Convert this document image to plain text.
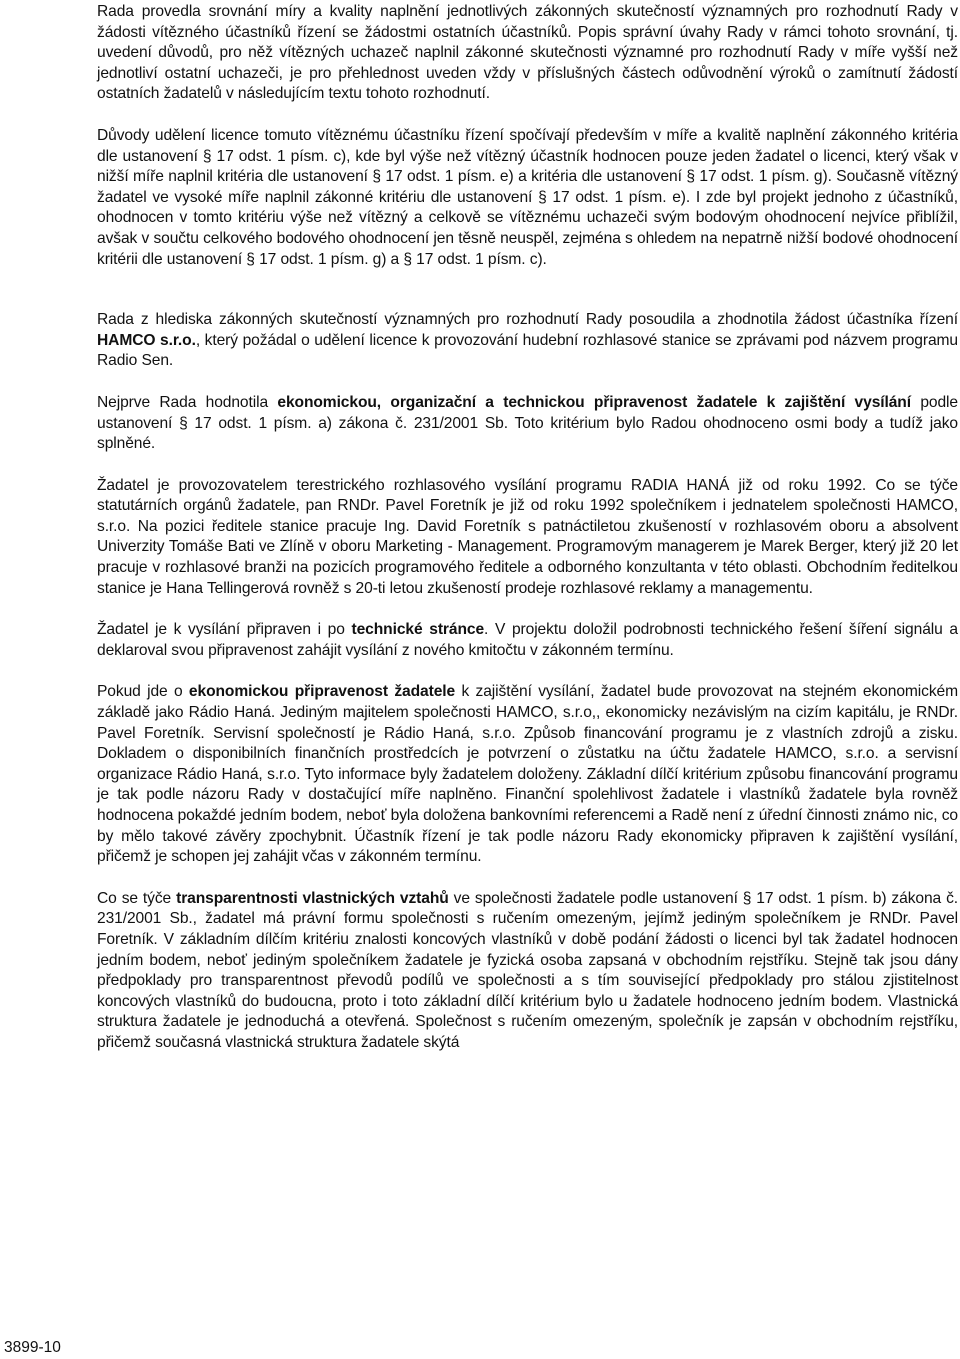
Rada provedla srovnání míry a kvality naplnění jednotlivých zákonných skutečností významných pro rozhodnutí Rady v žádosti vítězného účastníků řízení se žádostmi ostatních účastníků. Popis správní úvahy Rady v rámci tohoto srovnání, tj. uvedení důvodů, pro něž vítězných uchazeč naplnil zákonné skutečnosti významné pro rozhodnutí Rady v míře vyšší než jednotliví ostatní uchazeči, je pro přehlednost uveden vždy v příslušných částech odůvodnění výroků o zamítnutí žádostí ostatních žadatelů v následujícím textu tohoto rozhodnutí.

Důvody udělení licence tomuto vítěznému účastníku řízení spočívají především v míře a kvalitě naplnění zákonného kritéria dle ustanovení § 17 odst. 1 písm. c), kde byl výše než vítězný účastník hodnocen pouze jeden žadatel o licenci, který však v nižší míře naplnil kritéria dle ustanovení § 17 odst. 1 písm. e) a kritéria dle ustanovení § 17 odst. 1 písm. g). Současně vítězný žadatel ve vysoké míře naplnil zákonné kritériu dle ustanovení § 17 odst. 1 písm. e). I zde byl projekt jednoho z účastníků, ohodnocen v tomto kritériu výše než vítězný a celkově se vítěznému uchazeči svým bodovým ohodnocení nejvíce přiblížil, avšak v součtu celkového bodového ohodnocení jen těsně neuspěl, zejména s ohledem na nepatrně nižší bodové ohodnocení kritérii dle ustanovení § 17 odst. 1 písm. g) a § 17 odst. 1 písm. c).

Rada z hlediska zákonných skutečností významných pro rozhodnutí Rady posoudila a zhodnotila žádost účastníka řízení HAMCO s.r.o., který požádal o udělení licence k provozování hudební rozhlasové stanice se zprávami pod názvem programu Radio Sen.

Nejprve Rada hodnotila ekonomickou, organizační a technickou připravenost žadatele k zajištění vysílání podle ustanovení § 17 odst. 1 písm. a) zákona č. 231/2001 Sb. Toto kritérium bylo Radou ohodnoceno osmi body a tudíž jako splněné.

Žadatel je provozovatelem terestrického rozhlasového vysílání programu RADIA HANÁ již od roku 1992. Co se týče statutárních orgánů žadatele, pan RNDr. Pavel Foretník je již od roku 1992 společníkem i jednatelem společnosti HAMCO, s.r.o. Na pozici ředitele stanice pracuje Ing. David Foretník s patnáctiletou zkušeností v rozhlasovém oboru a absolvent Univerzity Tomáše Bati ve Zlíně v oboru Marketing - Management. Programovým managerem je Marek Berger, který již 20 let pracuje v rozhlasové branži na pozicích programového ředitele a odborného konzultanta v této oblasti. Obchodním ředitelkou stanice je Hana Tellingerová rovněž s 20-ti letou zkušeností prodeje rozhlasové reklamy a managementu.

Žadatel je k vysílání připraven i po technické stránce. V projektu doložil podrobnosti technického řešení šíření signálu a deklaroval svou připravenost zahájit vysílání z nového kmitočtu v zákonném termínu.

Pokud jde o ekonomickou připravenost žadatele k zajištění vysílání, žadatel bude provozovat na stejném ekonomickém základě jako Rádio Haná. Jediným majitelem společnosti HAMCO, s.r.o,, ekonomicky nezávislým na cizím kapitálu, je RNDr. Pavel Foretník. Servisní společností je Rádio Haná, s.r.o. Způsob financování programu je z vlastních zdrojů a zisku. Dokladem o disponibilních finančních prostředcích je potvrzení o zůstatku na účtu žadatele HAMCO, s.r.o. a servisní organizace Rádio Haná, s.r.o. Tyto informace byly žadatelem doloženy. Základní dílčí kritérium způsobu financování programu je tak podle názoru Rady v dostačující míře naplněno. Finanční spolehlivost žadatele i vlastníků žadatele byla rovněž hodnocena pokaždé jedním bodem, neboť byla doložena bankovními referencemi a Radě není z úřední činnosti známo nic, co by mělo takové závěry zpochybnit. Účastník řízení je tak podle názoru Rady ekonomicky připraven k zajištění vysílání, přičemž je schopen jej zahájit včas v zákonném termínu.

Co se týče transparentnosti vlastnických vztahů ve společnosti žadatele podle ustanovení § 17 odst. 1 písm. b) zákona č. 231/2001 Sb., žadatel má právní formu společnosti s ručením omezeným, jejímž jediným společníkem je RNDr. Pavel Foretník. V základním dílčím kritériu znalosti koncových vlastníků v době podání žádosti o licenci byl tak žadatel hodnocen jedním bodem, neboť jediným společníkem žadatele je fyzická osoba zapsaná v obchodním rejstříku. Stejně tak jsou dány předpoklady pro transparentnost převodů podílů ve společnosti a s tím související předpoklady pro stálou zjistitelnost koncových vlastníků do budoucna, proto i toto základní dílčí kritérium bylo u žadatele hodnoceno jedním bodem. Vlastnická struktura žadatele je jednoduchá a otevřená. Společnost s ručením omezeným, společník je zapsán v obchodním rejstříku, přičemž současná vlastnická struktura žadatele skýtá

3899-10
